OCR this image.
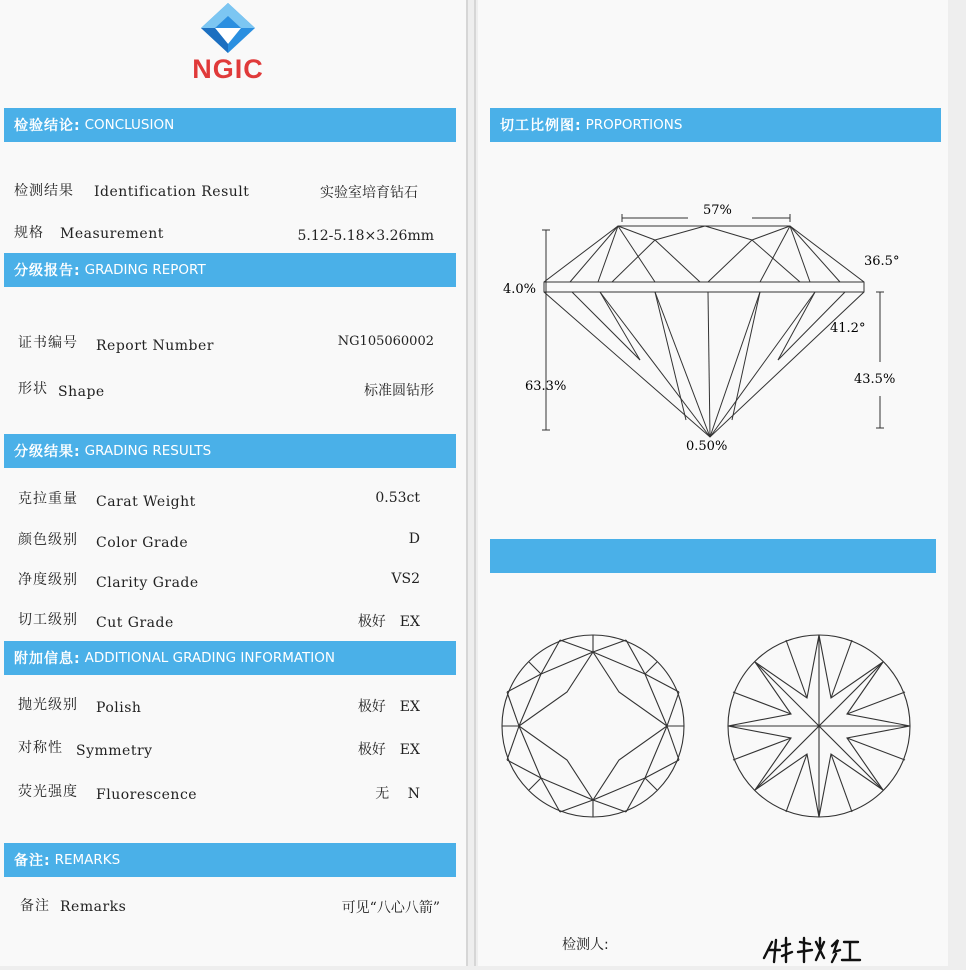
NGIC
检验结论: CONCLUSION
检测结果 Identification Result	实验室培育钻石
规格 Measurement	5.12-5.18×3.26mm
分级报告: GRADING REPORT
证书编号 Report Number	NG105060002
形状 Shape	标准圆钻形
分级结果: GRADING RESULTS
克拉重量 Carat Weight	0.53ct
颜色级别 Color Grade	D
净度级别 Clarity Grade	VS2
切工级别 Cut Grade	极好　EX
附加信息: ADDITIONAL GRADING INFORMATION
抛光级别 Polish	极好　EX
对称性 Symmetry	极好　EX
荧光强度 Fluorescence	无　 N
备注: REMARKS
备注 Remarks	可见“八心八箭”
切工比例图: PROPORTIONS
57%
36.5°
4.0%
41.2°
63.3%	43.5%
0.50%
检测人:
